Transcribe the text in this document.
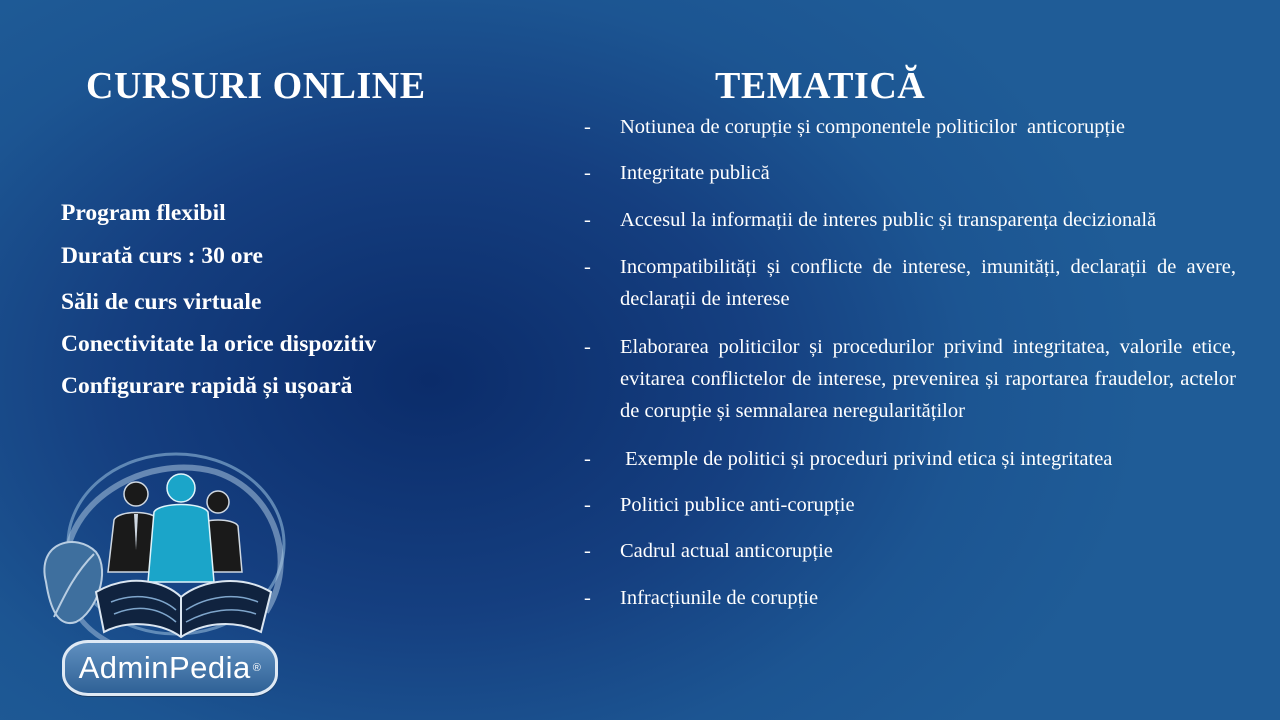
CURSURI ONLINE	TEMATICĂ
Program flexibil
Durată curs : 30 ore
Săli de curs virtuale
Conectivitate la orice dispozitiv
Configurare rapidă și ușoară
- Notiunea de corupție și componentele politicilor  anticorupție
- Integritate publică
- Accesul la informații de interes public și transparența decizională
- Incompatibilități și conflicte de interese, imunități, declarații de avere, declarații de interese
- Elaborarea politicilor și procedurilor privind integritatea, valorile etice, evitarea conflictelor de interese, prevenirea și raportarea fraudelor, actelor de corupție și semnalarea neregularităților
- Exemple de politici și proceduri privind etica și integritatea
- Politici publice anti-corupție
- Cadrul actual anticorupție
- Infracțiunile de corupție
AdminPedia ®
